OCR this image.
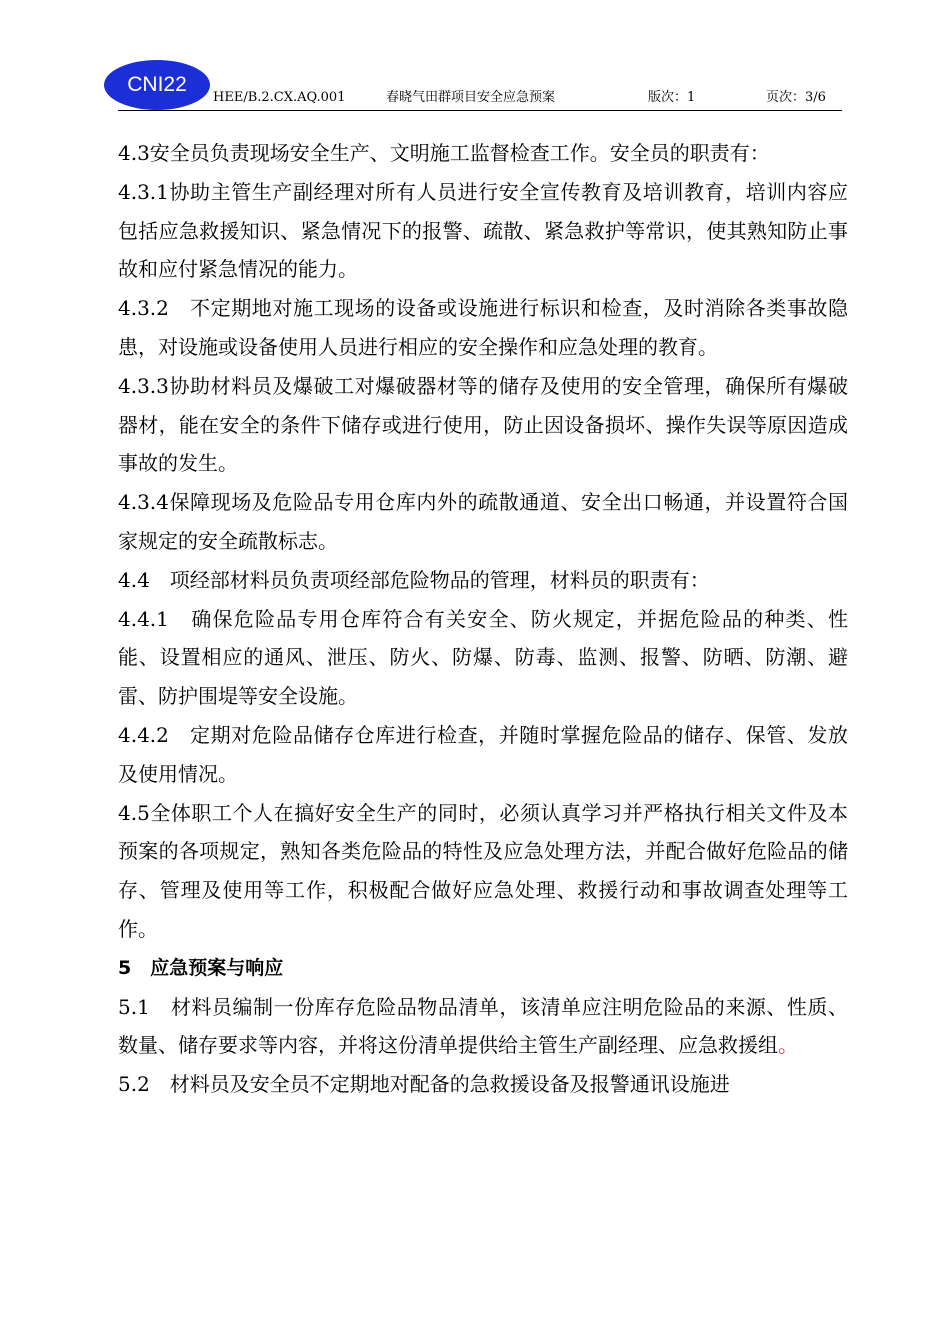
CNI22
HEE/B.2.CX.AQ.001	春晓气田群项目安全应急预案	版次：1	页次：3/6

4.3安全员负责现场安全生产、文明施工监督检查工作。安全员的职责有：

4.3.1协助主管生产副经理对所有人员进行安全宣传教育及培训教育，培训内容应包括应急救援知识、紧急情况下的报警、疏散、紧急救护等常识，使其熟知防止事故和应付紧急情况的能力。

4.3.2　不定期地对施工现场的设备或设施进行标识和检查，及时消除各类事故隐患，对设施或设备使用人员进行相应的安全操作和应急处理的教育。

4.3.3协助材料员及爆破工对爆破器材等的储存及使用的安全管理，确保所有爆破器材，能在安全的条件下储存或进行使用，防止因设备损坏、操作失误等原因造成事故的发生。

4.3.4保障现场及危险品专用仓库内外的疏散通道、安全出口畅通，并设置符合国家规定的安全疏散标志。

4.4　项经部材料员负责项经部危险物品的管理，材料员的职责有：

4.4.1　确保危险品专用仓库符合有关安全、防火规定，并据危险品的种类、性能、设置相应的通风、泄压、防火、防爆、防毒、监测、报警、防晒、防潮、避雷、防护围堤等安全设施。

4.4.2　定期对危险品储存仓库进行检查，并随时掌握危险品的储存、保管、发放及使用情况。

4.5全体职工个人在搞好安全生产的同时，必须认真学习并严格执行相关文件及本预案的各项规定，熟知各类危险品的特性及应急处理方法，并配合做好危险品的储存、管理及使用等工作，积极配合做好应急处理、救援行动和事故调查处理等工作。

5　应急预案与响应

5.1　材料员编制一份库存危险品物品清单，该清单应注明危险品的来源、性质、数量、储存要求等内容，并将这份清单提供给主管生产副经理、应急救援组。

5.2　材料员及安全员不定期地对配备的急救援设备及报警通讯设施进
